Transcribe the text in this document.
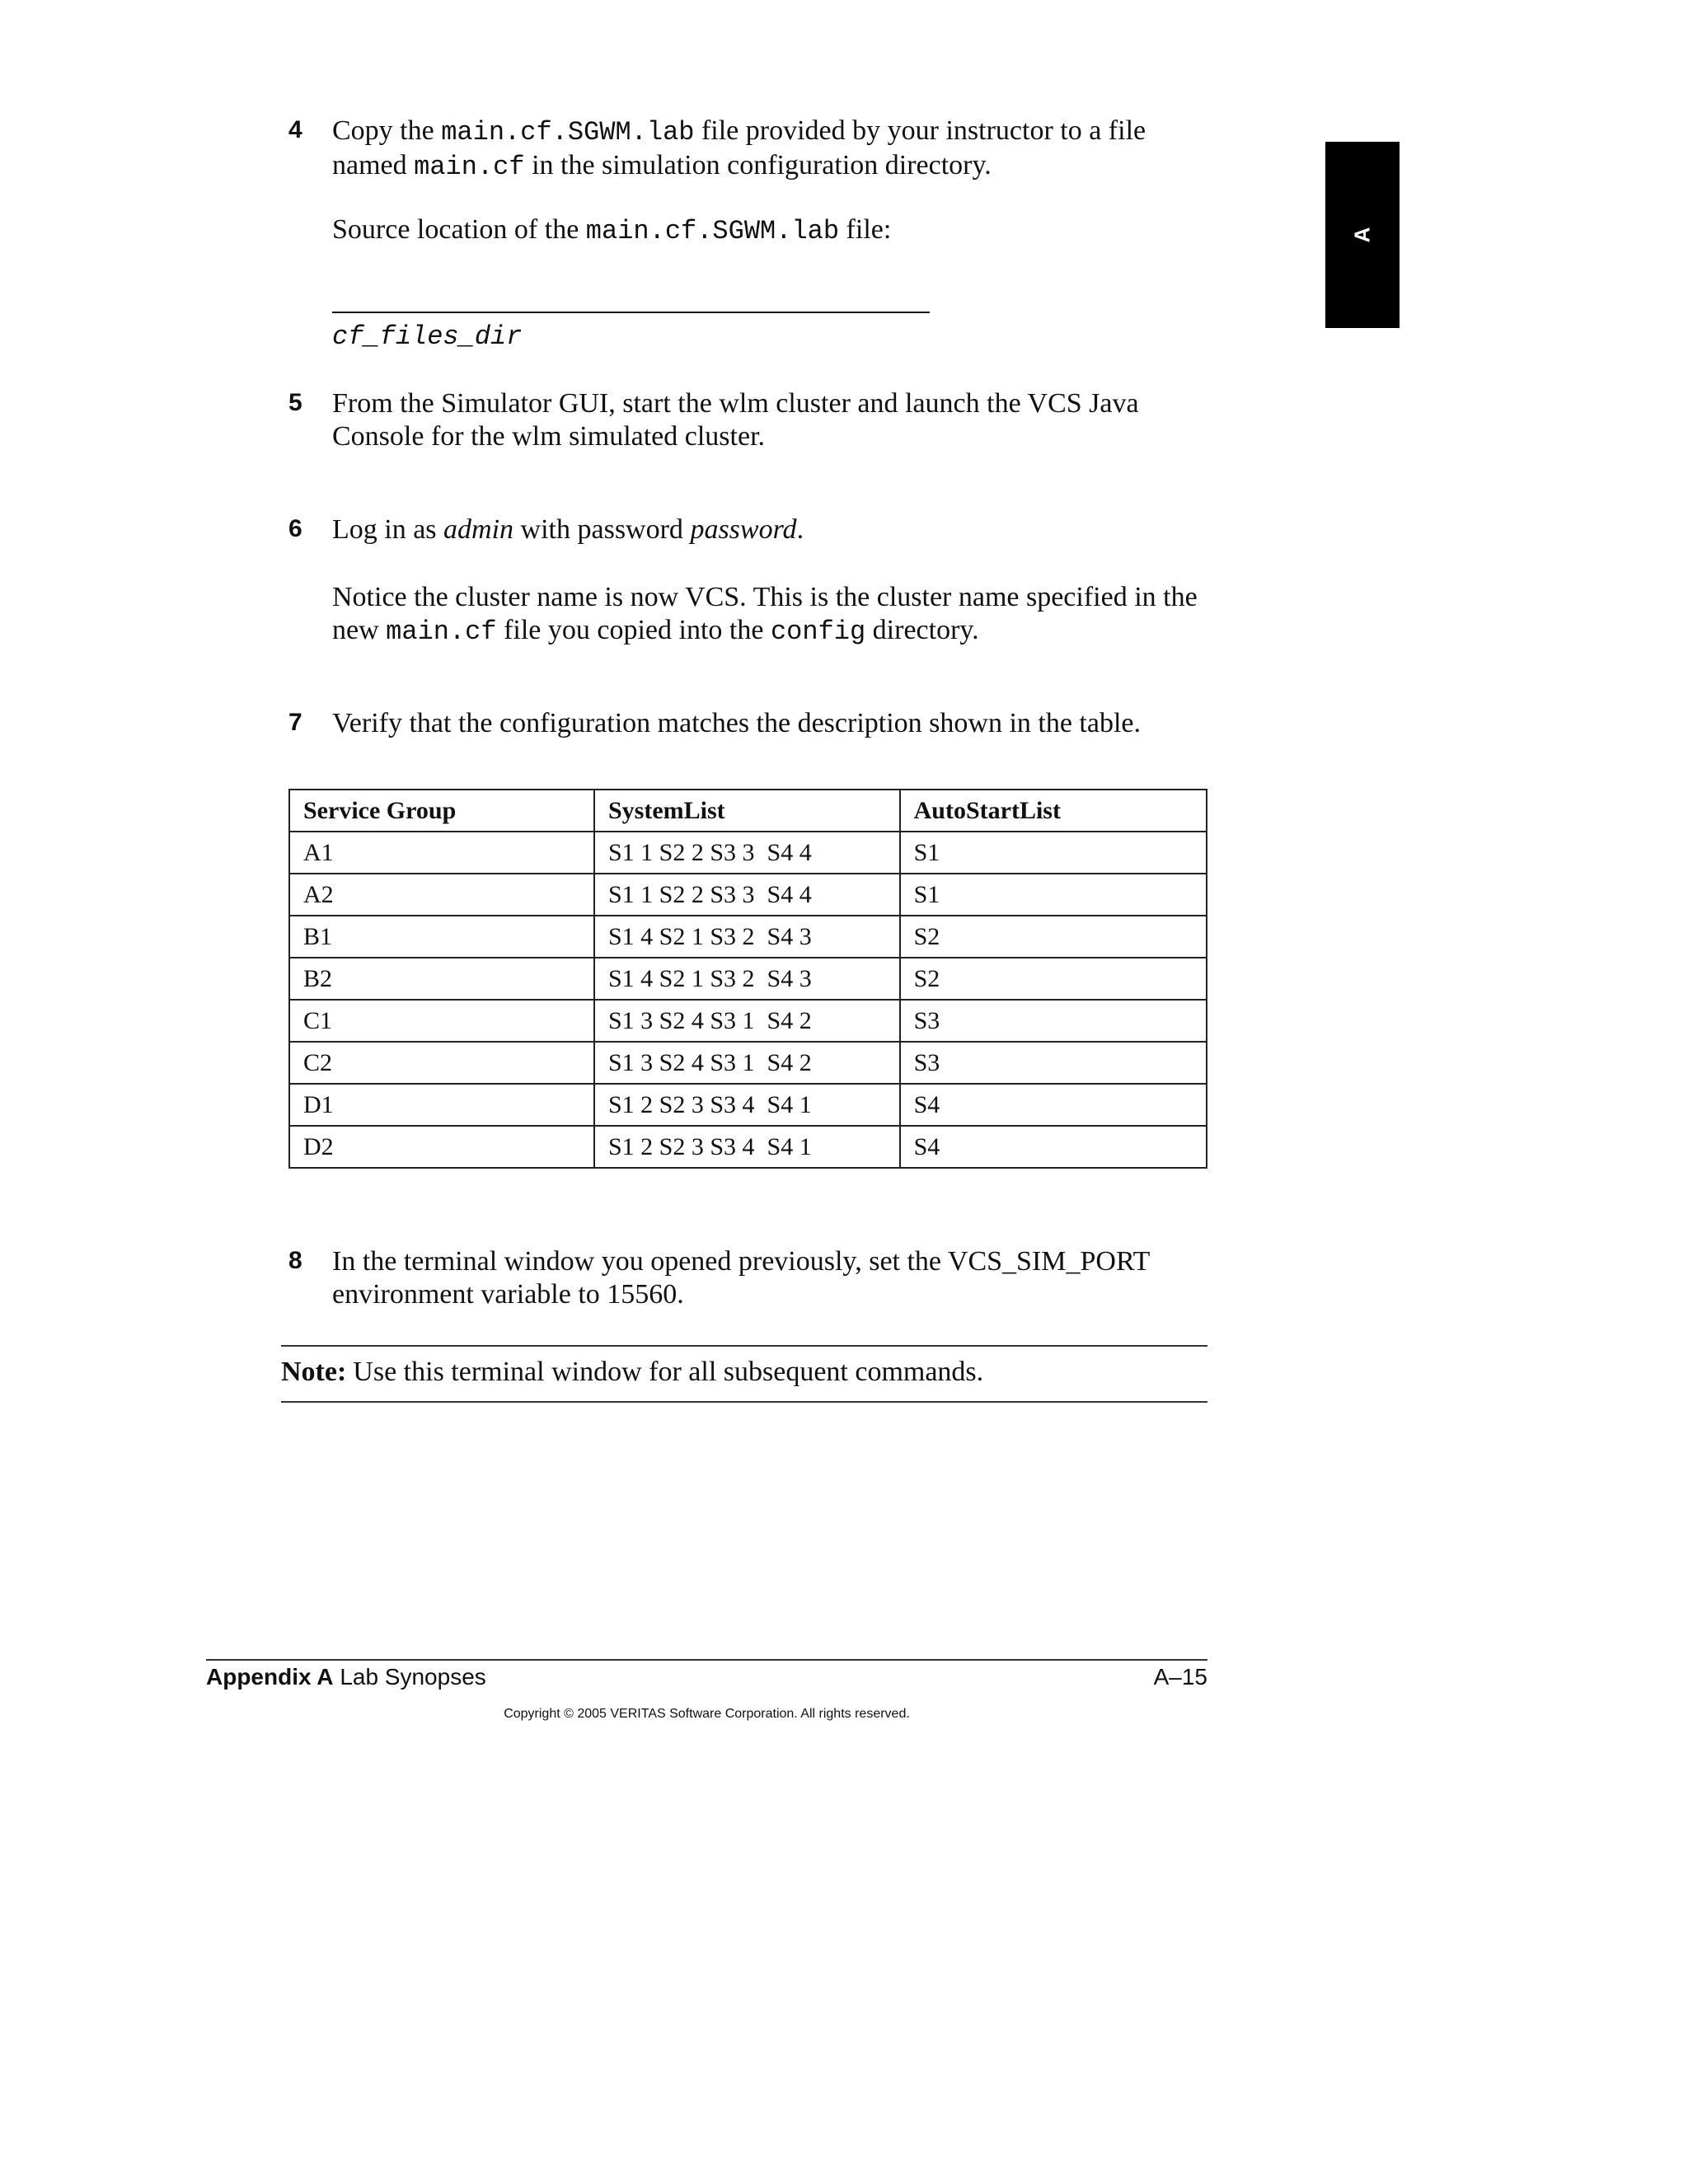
A
4 Copy the main.cf.SGWM.lab file provided by your instructor to a file
named main.cf in the simulation configuration directory.
Source location of the main.cf.SGWM.lab file:
cf_files_dir
5 From the Simulator GUI, start the wlm cluster and launch the VCS Java
Console for the wlm simulated cluster.
6 Log in as admin with password password.
Notice the cluster name is now VCS. This is the cluster name specified in the
new main.cf file you copied into the config directory.
7 Verify that the configuration matches the description shown in the table.
Service Group	SystemList	AutoStartList
A1	S1 1 S2 2 S3 3  S4 4	S1
A2	S1 1 S2 2 S3 3  S4 4	S1
B1	S1 4 S2 1 S3 2  S4 3	S2
B2	S1 4 S2 1 S3 2  S4 3	S2
C1	S1 3 S2 4 S3 1  S4 2	S3
C2	S1 3 S2 4 S3 1  S4 2	S3
D1	S1 2 S2 3 S3 4  S4 1	S4
D2	S1 2 S2 3 S3 4  S4 1	S4
8 In the terminal window you opened previously, set the VCS_SIM_PORT
environment variable to 15560.
Note: Use this terminal window for all subsequent commands.
Appendix A Lab Synopses	A–15
Copyright © 2005 VERITAS Software Corporation. All rights reserved.
